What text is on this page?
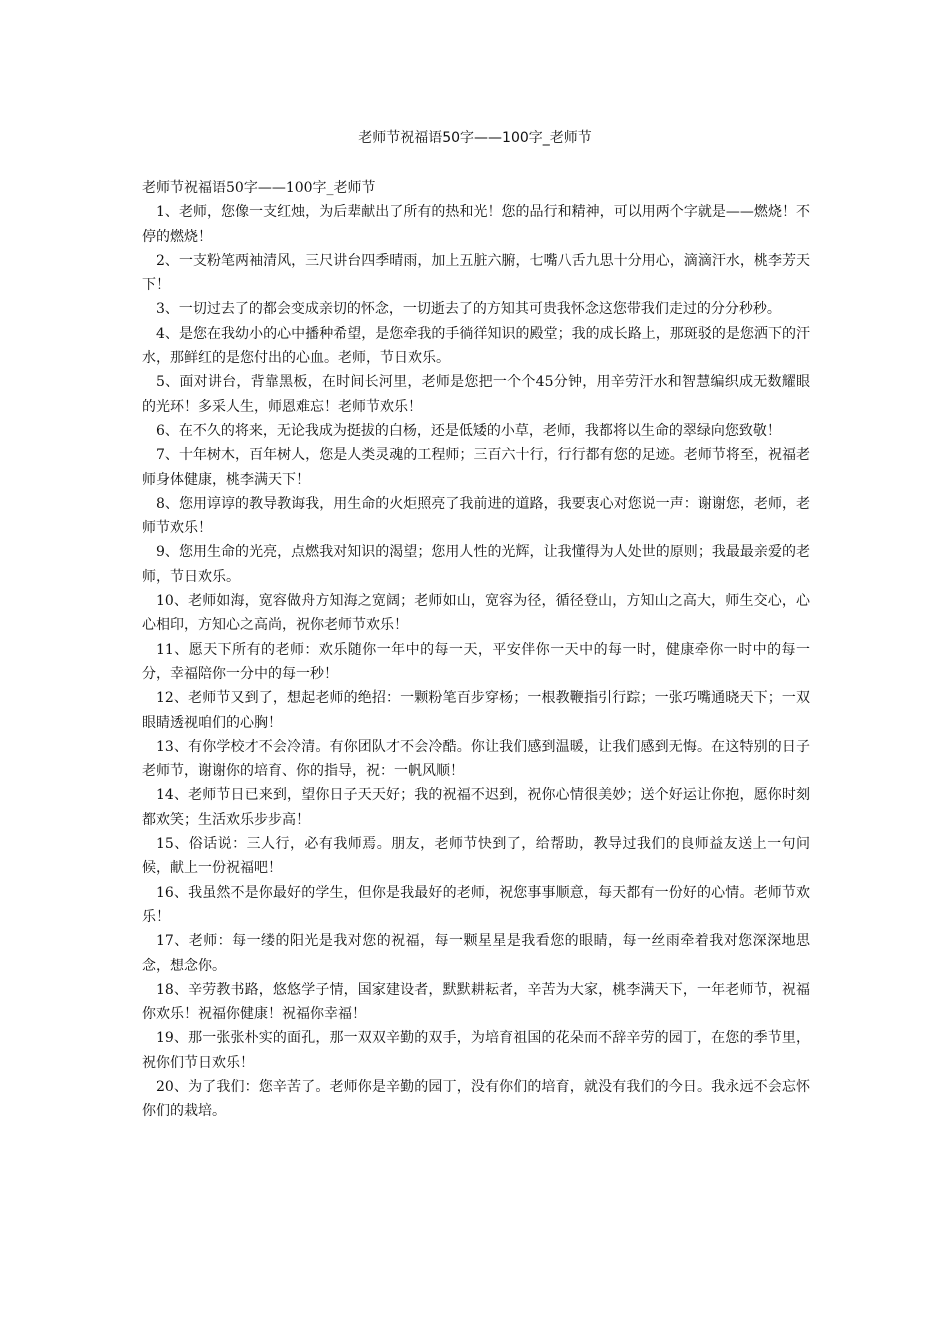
老师节祝福语50字——100字_老师节

老师节祝福语50字——100字_老师节

1、老师，您像一支红烛，为后辈献出了所有的热和光！您的品行和精神，可以用两个字就是——燃烧！不停的燃烧！

2、一支粉笔两袖清风，三尺讲台四季晴雨，加上五脏六腑，七嘴八舌九思十分用心，滴滴汗水，桃李芳天下！

3、一切过去了的都会变成亲切的怀念，一切逝去了的方知其可贵我怀念这您带我们走过的分分秒秒。

4、是您在我幼小的心中播种希望，是您牵我的手徜徉知识的殿堂；我的成长路上，那斑驳的是您洒下的汗水，那鲜红的是您付出的心血。老师，节日欢乐。

5、面对讲台，背靠黑板，在时间长河里，老师是您把一个个45分钟，用辛劳汗水和智慧编织成无数耀眼的光环！多采人生，师恩难忘！老师节欢乐！

6、在不久的将来，无论我成为挺拔的白杨，还是低矮的小草，老师，我都将以生命的翠绿向您致敬！

7、十年树木，百年树人，您是人类灵魂的工程师；三百六十行，行行都有您的足迹。老师节将至，祝福老师身体健康，桃李满天下！

8、您用谆谆的教导教诲我，用生命的火炬照亮了我前进的道路，我要衷心对您说一声：谢谢您，老师，老师节欢乐！

9、您用生命的光亮，点燃我对知识的渴望；您用人性的光辉，让我懂得为人处世的原则；我最最亲爱的老师，节日欢乐。

10、老师如海，宽容做舟方知海之宽阔；老师如山，宽容为径，循径登山，方知山之高大，师生交心，心心相印，方知心之高尚，祝你老师节欢乐！

11、愿天下所有的老师：欢乐随你一年中的每一天，平安伴你一天中的每一时，健康牵你一时中的每一分，幸福陪你一分中的每一秒！

12、老师节又到了，想起老师的绝招：一颗粉笔百步穿杨；一根教鞭指引行踪；一张巧嘴通晓天下；一双眼睛透视咱们的心胸！

13、有你学校才不会冷清。有你团队才不会冷酷。你让我们感到温暖，让我们感到无悔。在这特别的日子老师节，谢谢你的培育、你的指导，祝：一帆风顺！

14、老师节日已来到，望你日子天天好；我的祝福不迟到，祝你心情很美妙；送个好运让你抱，愿你时刻都欢笑；生活欢乐步步高！

15、俗话说：三人行，必有我师焉。朋友，老师节快到了，给帮助，教导过我们的良师益友送上一句问候，献上一份祝福吧！

16、我虽然不是你最好的学生，但你是我最好的老师，祝您事事顺意，每天都有一份好的心情。老师节欢乐！

17、老师：每一缕的阳光是我对您的祝福，每一颗星星是我看您的眼睛，每一丝雨牵着我对您深深地思念，想念你。

18、辛劳教书路，悠悠学子情，国家建设者，默默耕耘者，辛苦为大家，桃李满天下，一年老师节，祝福你欢乐！祝福你健康！祝福你幸福！

19、那一张张朴实的面孔，那一双双辛勤的双手，为培育祖国的花朵而不辞辛劳的园丁，在您的季节里，祝你们节日欢乐！

20、为了我们：您辛苦了。老师你是辛勤的园丁，没有你们的培育，就没有我们的今日。我永远不会忘怀你们的栽培。
